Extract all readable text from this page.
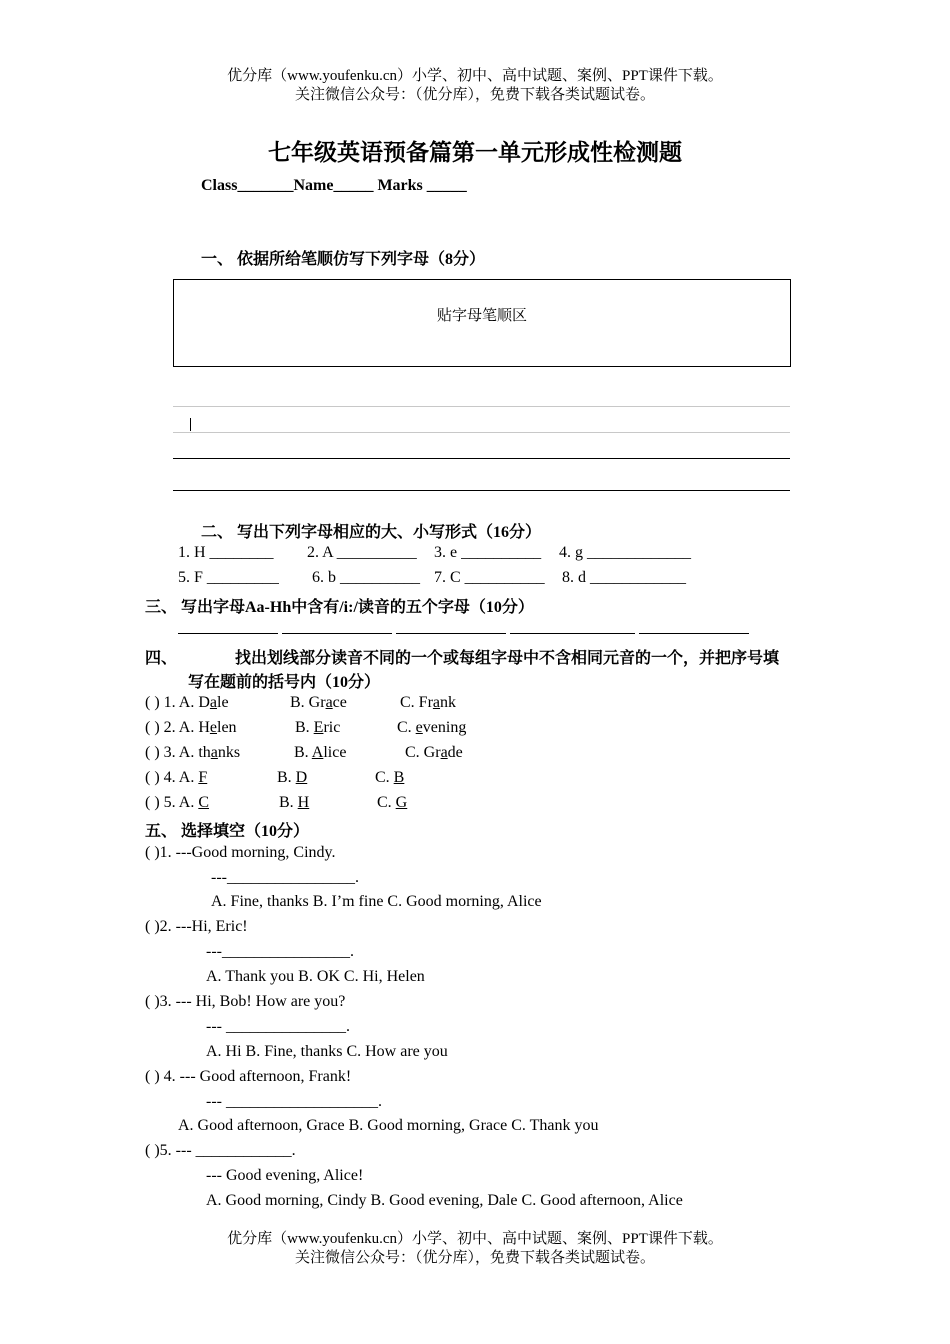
优分库（www.youfenku.cn）小学、初中、高中试题、案例、PPT课件下载。
关注微信公众号：（优分库），免费下载各类试题试卷。
七年级英语预备篇第一单元形成性检测题
Class_______Name_____ Marks _____
一、 依据所给笔顺仿写下列字母（8分）
贴字母笔顺区
二、 写出下列字母相应的大、小写形式（16分）
1. H ________ 2. A __________ 3. e __________ 4. g _____________
5. F _________ 6. b __________ 7. C __________ 8. d ____________
三、 写出字母Aa-Hh中含有/i:/读音的五个字母（10分）

四、	找出划线部分读音不同的一个或每组字母中不含相同元音的一个，并把序号填
写在题前的括号内（10分）
( ) 1. A. Dale	B. Grace	C. Frank
( ) 2. A. Helen	B. Eric	C. evening
( ) 3. A. thanks	B. Alice	C. Grade
( ) 4. A. F	B. D	C. B
( ) 5. A. C	B. H	C. G
五、 选择填空（10分）
( )1. ---Good morning, Cindy.
---________________.
A. Fine, thanks B. I’m fine C. Good morning, Alice
( )2. ---Hi, Eric!
---________________.
A. Thank you B. OK C. Hi, Helen
( )3. --- Hi, Bob! How are you?
--- _______________.
A. Hi B. Fine, thanks C. How are you
( ) 4. --- Good afternoon, Frank!
--- ___________________.
A. Good afternoon, Grace B. Good morning, Grace C. Thank you
( )5. --- ____________.
--- Good evening, Alice!
A. Good morning, Cindy B. Good evening, Dale C. Good afternoon, Alice
优分库（www.youfenku.cn）小学、初中、高中试题、案例、PPT课件下载。
关注微信公众号：（优分库），免费下载各类试题试卷。
